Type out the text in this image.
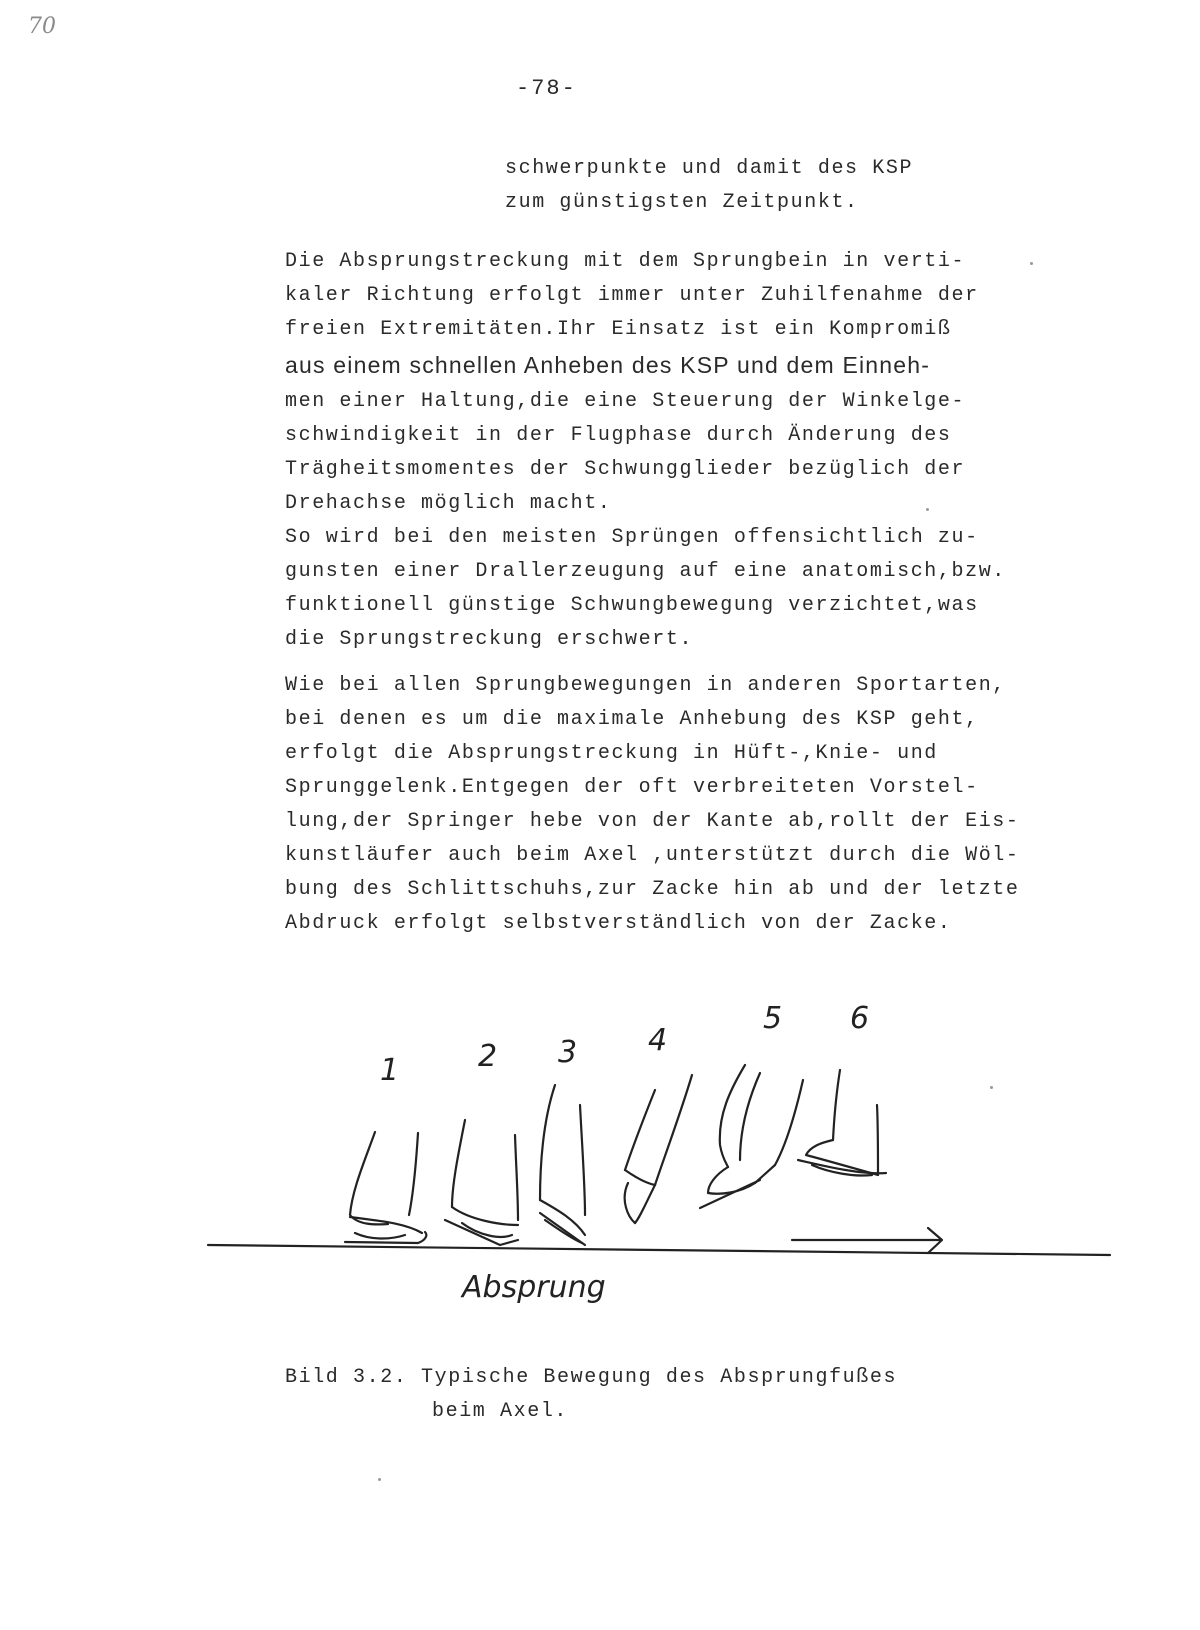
70
-78-
schwerpunkte und damit des KSP
zum günstigsten Zeitpunkt.
Die Absprungstreckung mit dem Sprungbein in verti-
kaler Richtung erfolgt immer unter Zuhilfenahme der
freien Extremitäten.Ihr Einsatz ist ein Kompromiß
aus einem schnellen Anheben des KSP und dem Einneh-
men einer Haltung,die eine Steuerung der Winkelge-
schwindigkeit in der Flugphase durch Änderung des
Trägheitsmomentes der Schwungglieder bezüglich der
Drehachse möglich macht.
So wird bei den meisten Sprüngen offensichtlich zu-
gunsten einer Drallerzeugung auf eine anatomisch,bzw.
funktionell günstige Schwungbewegung verzichtet,was
die Sprungstreckung erschwert.
Wie bei allen Sprungbewegungen in anderen Sportarten,
bei denen es um die maximale Anhebung des KSP geht,
erfolgt die Absprungstreckung in Hüft-,Knie- und
Sprunggelenk.Entgegen der oft verbreiteten Vorstel-
lung,der Springer hebe von der Kante ab,rollt der Eis-
kunstläufer auch beim Axel ,unterstützt durch die Wöl-
bung des Schlittschuhs,zur Zacke hin ab und der letzte
Abdruck erfolgt selbstverständlich von der Zacke.
1	2 3 4
5 6
Absprung
Bild 3.2. Typische Bewegung des Absprungfußes
beim Axel.
